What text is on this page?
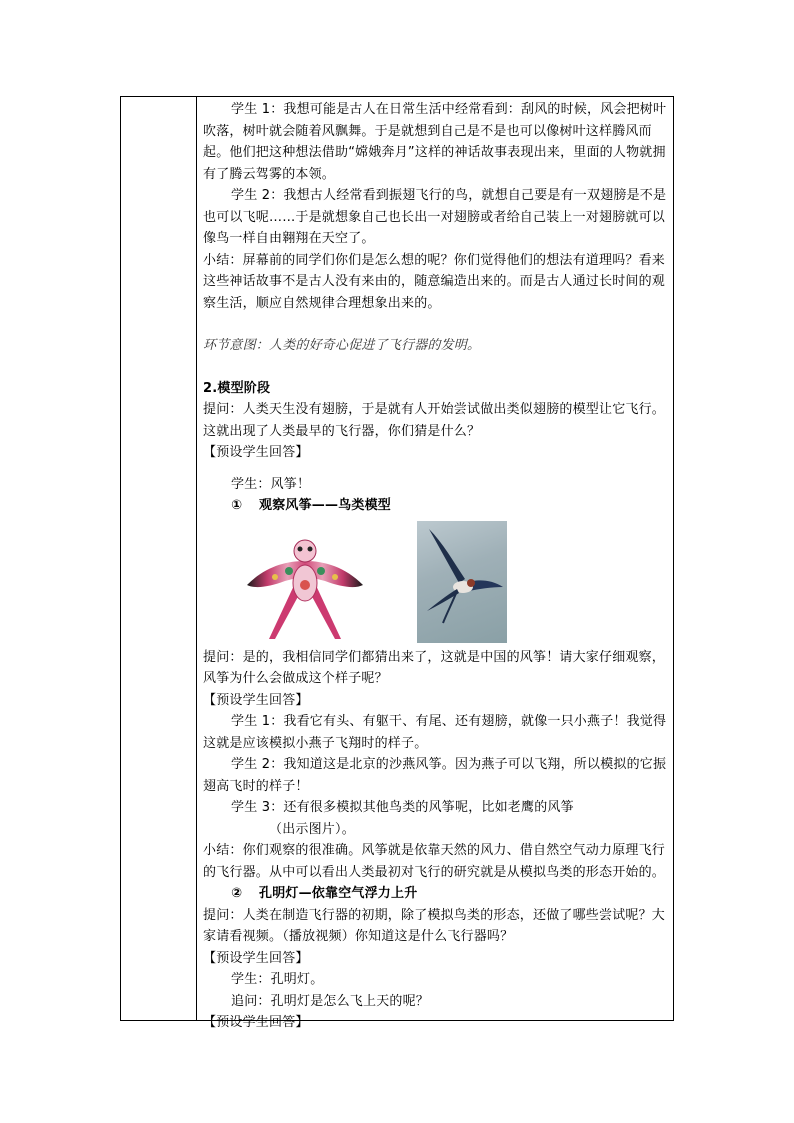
学生 1：我想可能是古人在日常生活中经常看到：刮风的时候，风会把树叶吹落，树叶就会随着风飘舞。于是就想到自己是不是也可以像树叶这样腾风而起。他们把这种想法借助“嫦娥奔月”这样的神话故事表现出来，里面的人物就拥有了腾云驾雾的本领。

学生 2：我想古人经常看到振翅飞行的鸟，就想自己要是有一双翅膀是不是也可以飞呢……于是就想象自己也长出一对翅膀或者给自己装上一对翅膀就可以像鸟一样自由翱翔在天空了。

小结：屏幕前的同学们你们是怎么想的呢？你们觉得他们的想法有道理吗？看来这些神话故事不是古人没有来由的，随意编造出来的。而是古人通过长时间的观察生活，顺应自然规律合理想象出来的。

环节意图：人类的好奇心促进了飞行器的发明。

2.模型阶段

提问：人类天生没有翅膀，于是就有人开始尝试做出类似翅膀的模型让它飞行。这就出现了人类最早的飞行器，你们猜是什么？

【预设学生回答】

学生：风筝！

① 观察风筝——鸟类模型

提问：是的，我相信同学们都猜出来了，这就是中国的风筝！请大家仔细观察，风筝为什么会做成这个样子呢？

【预设学生回答】

学生 1：我看它有头、有躯干、有尾、还有翅膀，就像一只小燕子！我觉得这就是应该模拟小燕子飞翔时的样子。

学生 2：我知道这是北京的沙燕风筝。因为燕子可以飞翔，所以模拟的它振翅高飞时的样子！

学生 3：还有很多模拟其他鸟类的风筝呢，比如老鹰的风筝

（出示图片）。

小结：你们观察的很准确。风筝就是依靠天然的风力、借自然空气动力原理飞行的飞行器。从中可以看出人类最初对飞行的研究就是从模拟鸟类的形态开始的。

② 孔明灯—依靠空气浮力上升

提问：人类在制造飞行器的初期，除了模拟鸟类的形态，还做了哪些尝试呢？大家请看视频。（播放视频）你知道这是什么飞行器吗？

【预设学生回答】

学生：孔明灯。

追问：孔明灯是怎么飞上天的呢？

【预设学生回答】
